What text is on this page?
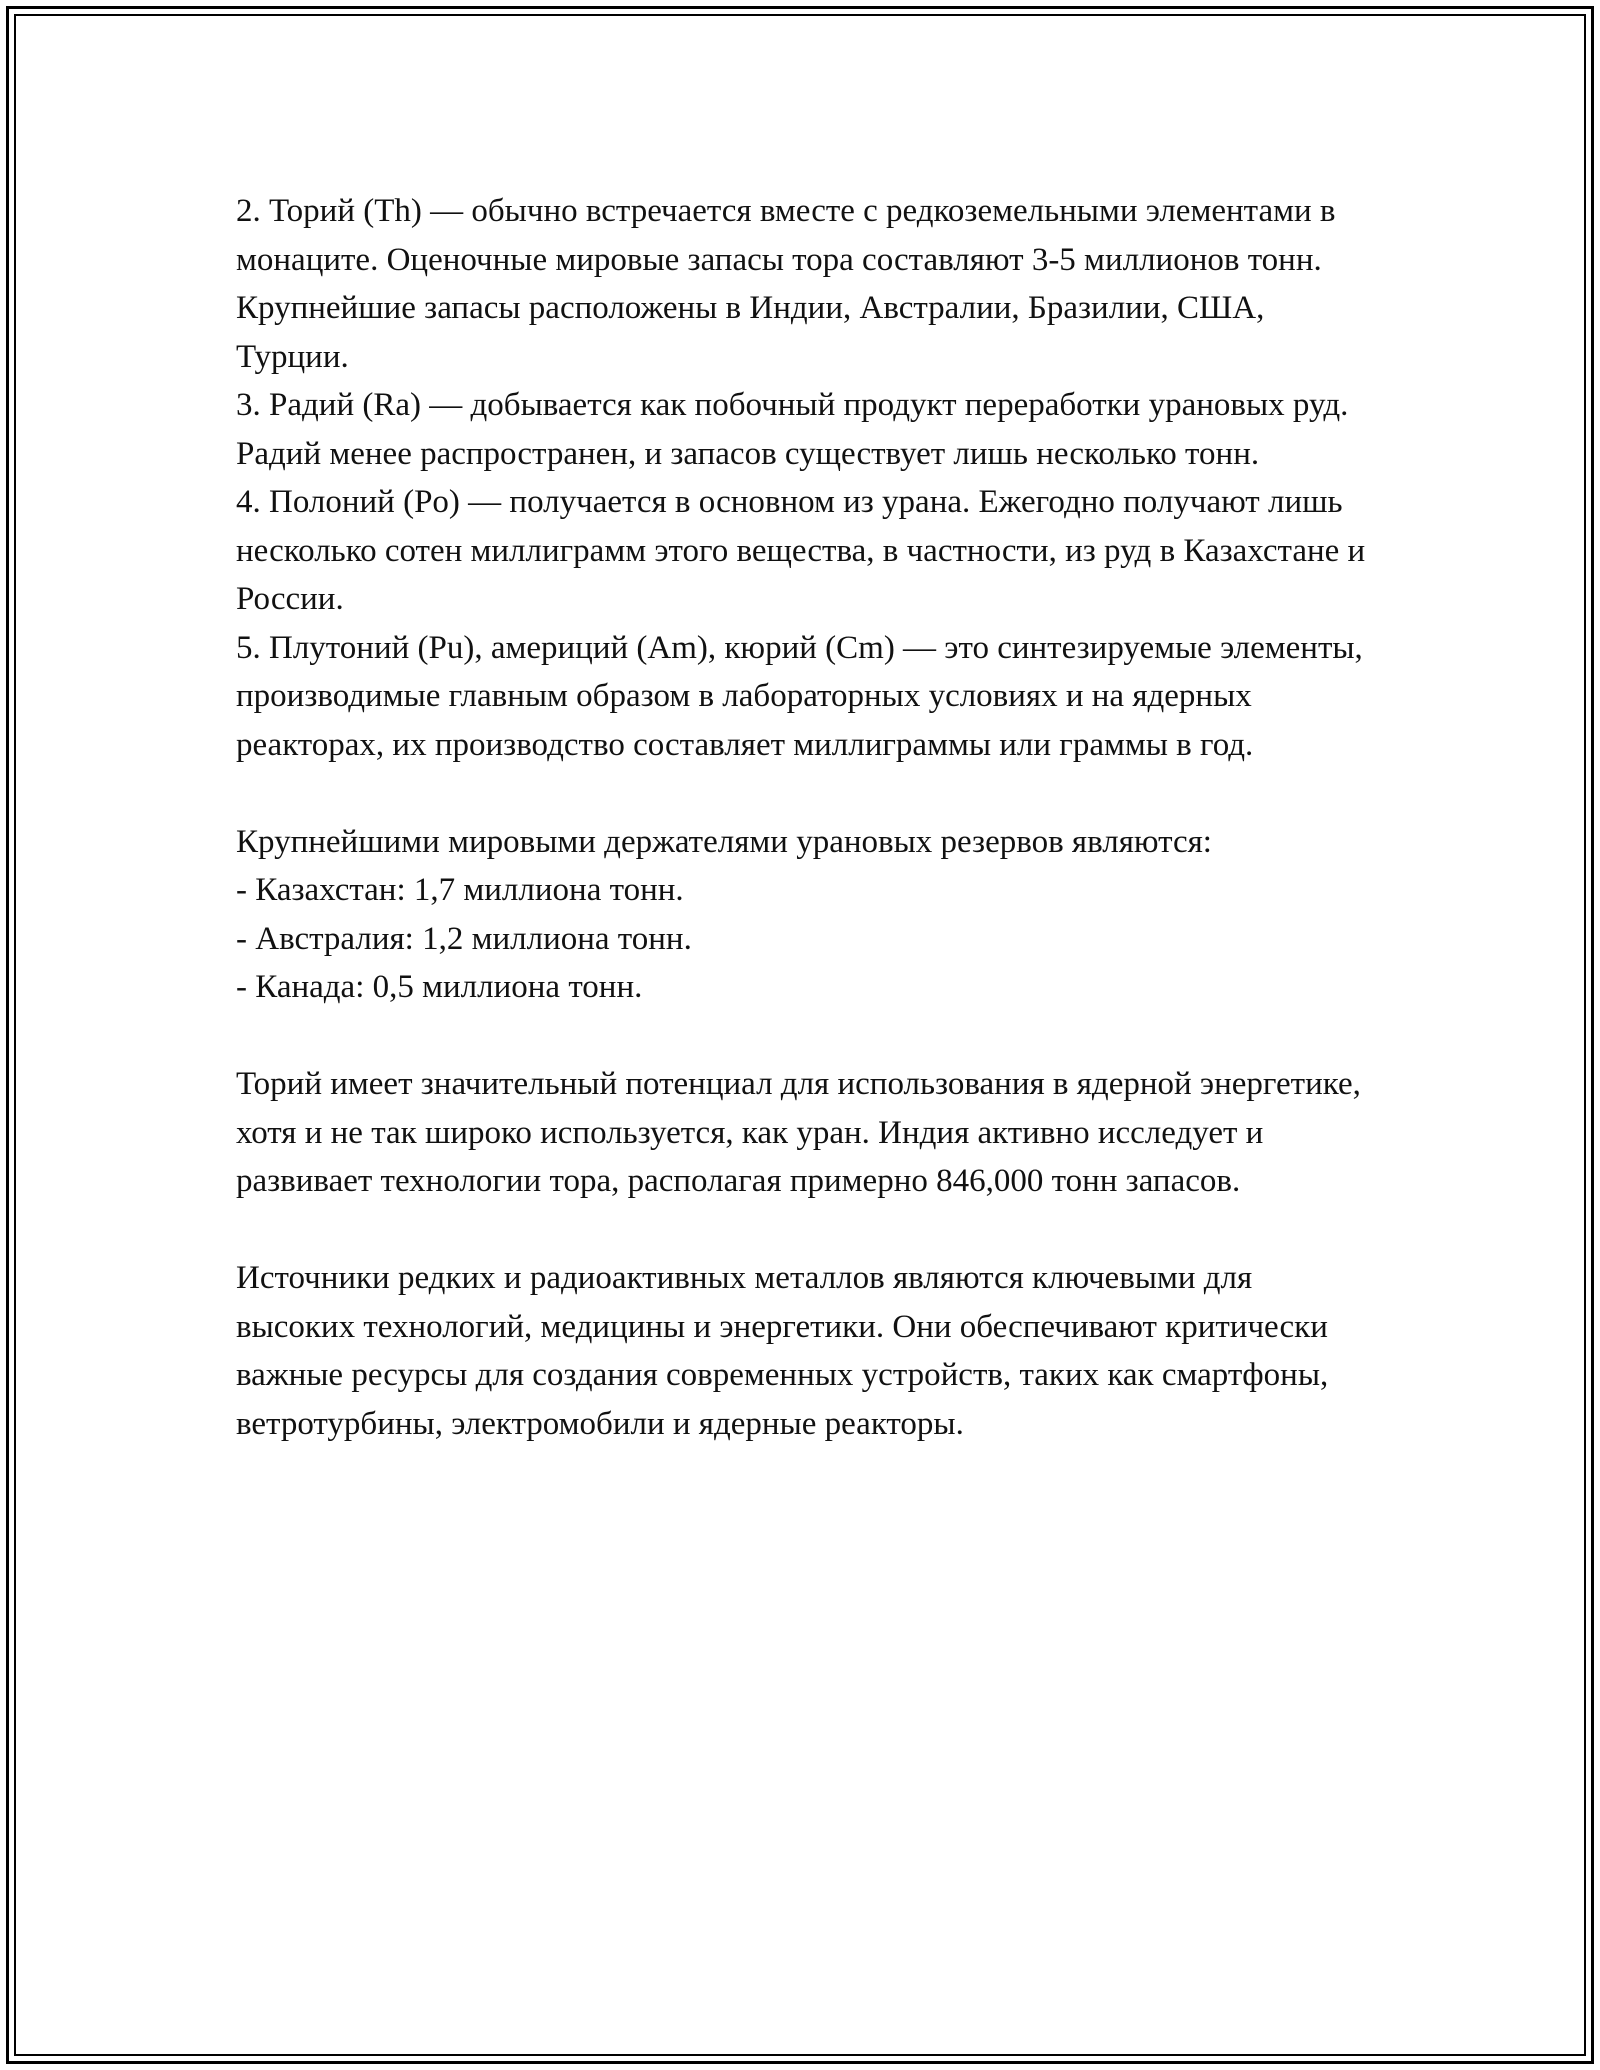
2. Торий (Th) — обычно встречается вместе с редкоземельными элементами в монаците. Оценочные мировые запасы тора составляют 3-5 миллионов тонн. Крупнейшие запасы расположены в Индии, Австралии, Бразилии, США, Турции.

3. Радий (Ra) — добывается как побочный продукт переработки урановых руд. Радий менее распространен, и запасов существует лишь несколько тонн.

4. Полоний (Po) — получается в основном из урана. Ежегодно получают лишь несколько сотен миллиграмм этого вещества, в частности, из руд в Казахстане и России.

5. Плутоний (Pu), америций (Am), кюрий (Cm) — это синтезируемые элементы, производимые главным образом в лабораторных условиях и на ядерных реакторах, их производство составляет миллиграммы или граммы в год.

Крупнейшими мировыми держателями урановых резервов являются:

- Казахстан: 1,7 миллиона тонн.

- Австралия: 1,2 миллиона тонн.

- Канада: 0,5 миллиона тонн.

Торий имеет значительный потенциал для использования в ядерной энергетике, хотя и не так широко используется, как уран. Индия активно исследует и развивает технологии тора, располагая примерно 846,000 тонн запасов.

Источники редких и радиоактивных металлов являются ключевыми для высоких технологий, медицины и энергетики. Они обеспечивают критически важные ресурсы для создания современных устройств, таких как смартфоны, ветротурбины, электромобили и ядерные реакторы.
